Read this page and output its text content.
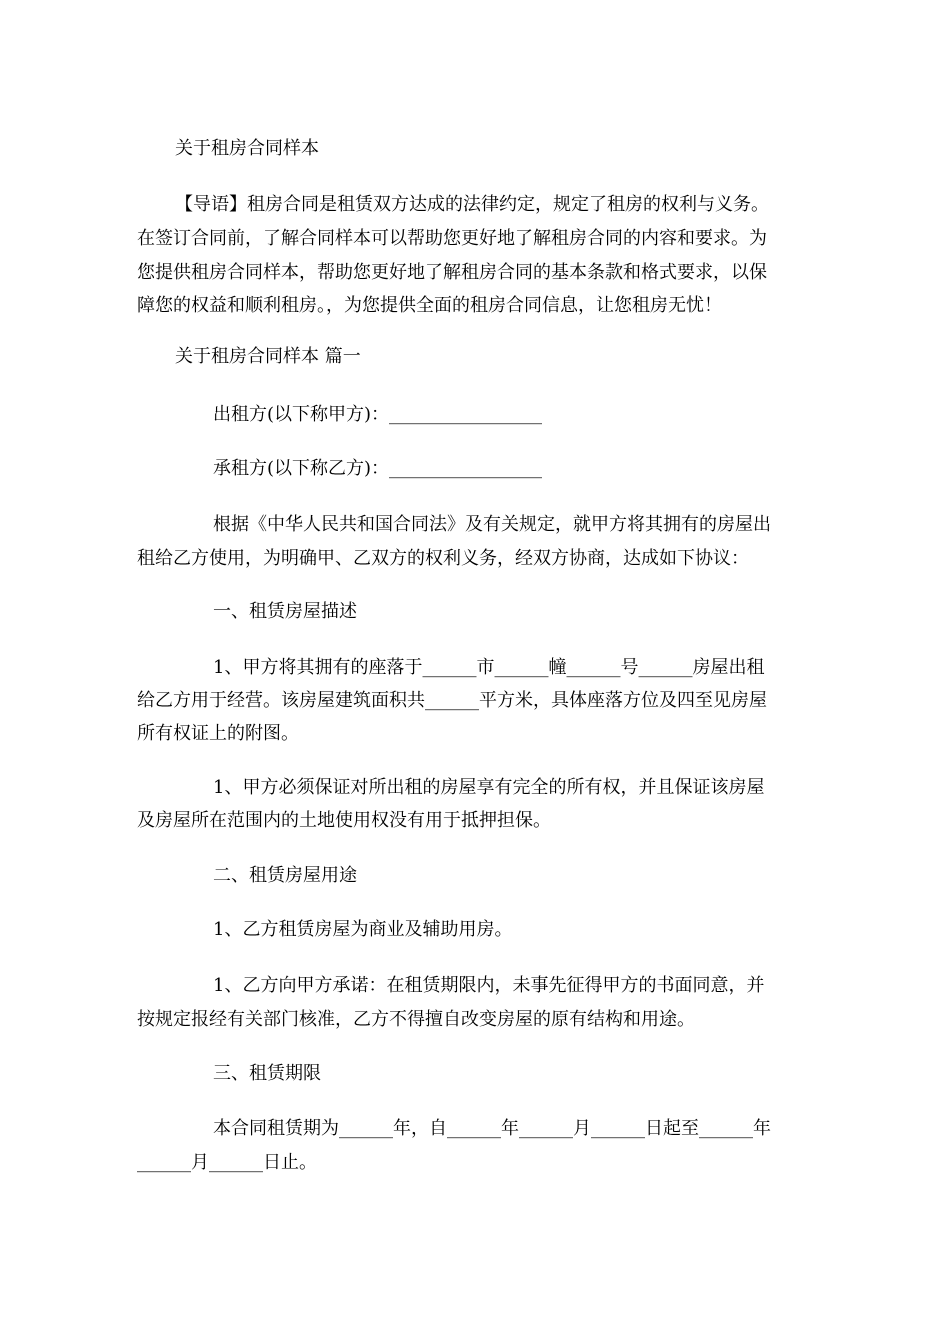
关于租房合同样本
【导语】租房合同是租赁双方达成的法律约定，规定了租房的权利与义务。
在签订合同前，了解合同样本可以帮助您更好地了解租房合同的内容和要求。为
您提供租房合同样本，帮助您更好地了解租房合同的基本条款和格式要求，以保
障您的权益和顺利租房。，为您提供全面的租房合同信息，让您租房无忧！
关于租房合同样本 篇一
出租方(以下称甲方)：_________________
承租方(以下称乙方)：_________________
根据《中华人民共和国合同法》及有关规定，就甲方将其拥有的房屋出
租给乙方使用，为明确甲、乙双方的权利义务，经双方协商，达成如下协议：
一、租赁房屋描述
1、甲方将其拥有的座落于______市______幢______号______房屋出租
给乙方用于经营。该房屋建筑面积共______平方米，具体座落方位及四至见房屋
所有权证上的附图。
1、甲方必须保证对所出租的房屋享有完全的所有权，并且保证该房屋
及房屋所在范围内的土地使用权没有用于抵押担保。
二、租赁房屋用途
1、乙方租赁房屋为商业及辅助用房。
1、乙方向甲方承诺：在租赁期限内，未事先征得甲方的书面同意，并
按规定报经有关部门核准，乙方不得擅自改变房屋的原有结构和用途。
三、租赁期限
本合同租赁期为______年，自______年______月______日起至______年
______月______日止。
